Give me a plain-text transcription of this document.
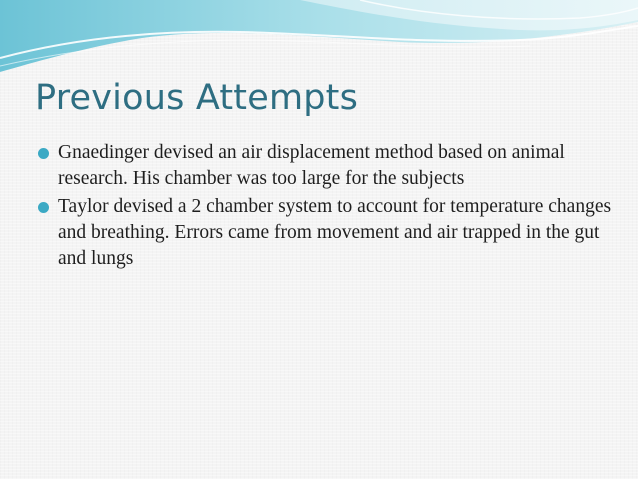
Previous Attempts
Gnaedinger devised an air displacement method based on animal research. His chamber was too large for the subjects
Taylor devised a 2 chamber system to account for temperature changes and breathing. Errors came from movement and air trapped in the gut and lungs
